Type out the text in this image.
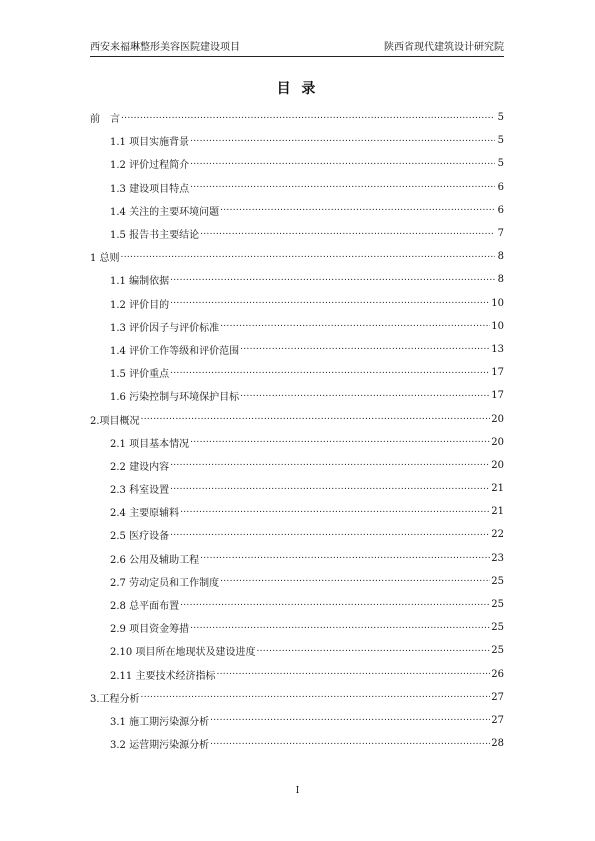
西安来福琳整形美容医院建设项目	陕西省现代建筑设计研究院
目 录
前　言 .....	5
1.1 项目实施背景 .....	5
1.2 评价过程简介 .....	5
1.3 建设项目特点 .....	6
1.4 关注的主要环境问题 .....	6
1.5 报告书主要结论 .....	7
1 总则 .....	8
1.1 编制依据 .....	8
1.2 评价目的 .....	10
1.3 评价因子与评价标准 .....	10
1.4 评价工作等级和评价范围 .....	13
1.5 评价重点 .....	17
1.6 污染控制与环境保护目标 .....	17
2.项目概况 .....	20
2.1 项目基本情况 .....	20
2.2 建设内容 .....	20
2.3 科室设置 .....	21
2.4 主要原辅料 .....	21
2.5 医疗设备 .....	22
2.6 公用及辅助工程 .....	23
2.7 劳动定员和工作制度 .....	25
2.8 总平面布置 .....	25
2.9 项目资金筹措 .....	25
2.10 项目所在地现状及建设进度 .....	25
2.11 主要技术经济指标 .....	26
3.工程分析 .....	27
3.1 施工期污染源分析 .....	27
3.2 运营期污染源分析 .....	28
I
